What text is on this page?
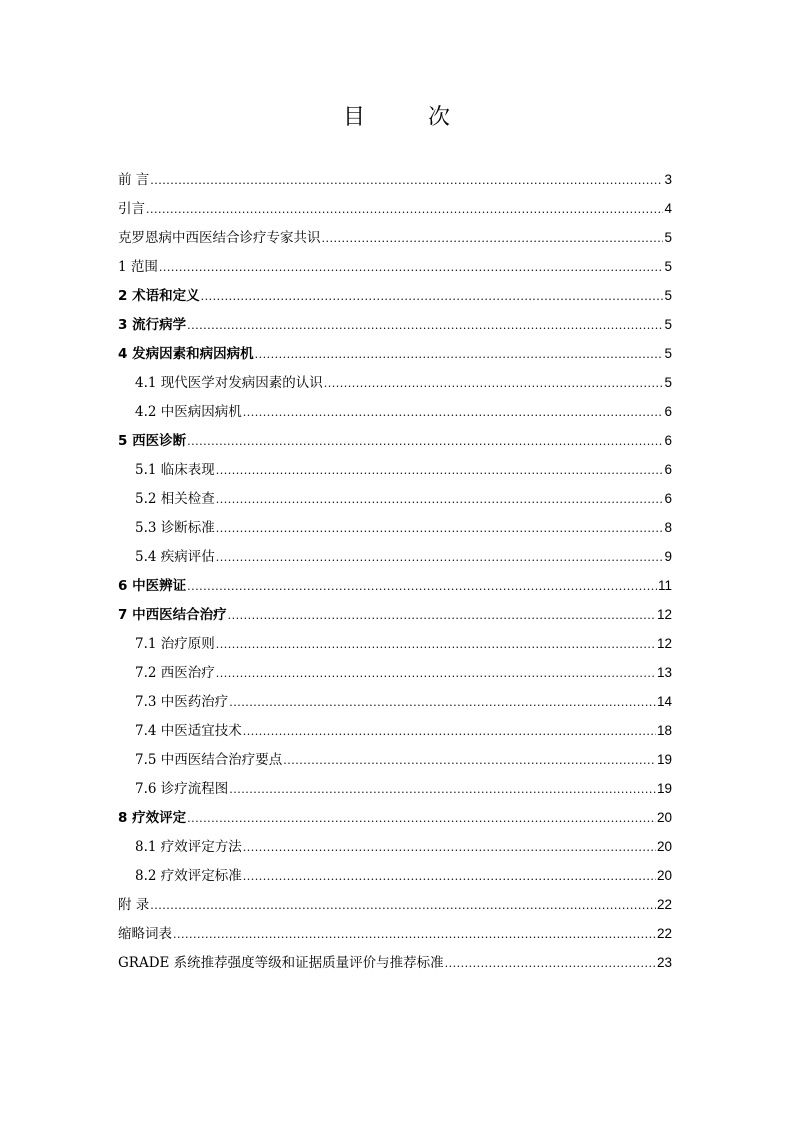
目 次
前 言 .....	3
引言 .....	4
克罗恩病中西医结合诊疗专家共识 .....	5
1 范围 .....	5
2 术语和定义 .....	5
3 流行病学 .....	5
4 发病因素和病因病机 .....	5
4.1 现代医学对发病因素的认识 .....	5
4.2 中医病因病机 .....	6
5 西医诊断 .....	6
5.1 临床表现 .....	6
5.2 相关检查 .....	6
5.3 诊断标准 .....	8
5.4 疾病评估 .....	9
6 中医辨证 .....	11
7 中西医结合治疗 .....	12
7.1 治疗原则 .....	12
7.2 西医治疗 .....	13
7.3 中医药治疗 .....	14
7.4 中医适宜技术 .....	18
7.5 中西医结合治疗要点 .....	19
7.6 诊疗流程图 .....	19
8 疗效评定 .....	20
8.1 疗效评定方法 .....	20
8.2 疗效评定标准 .....	20
附 录 .....	22
缩略词表 .....	22
GRADE 系统推荐强度等级和证据质量评价与推荐标准 .....	23
